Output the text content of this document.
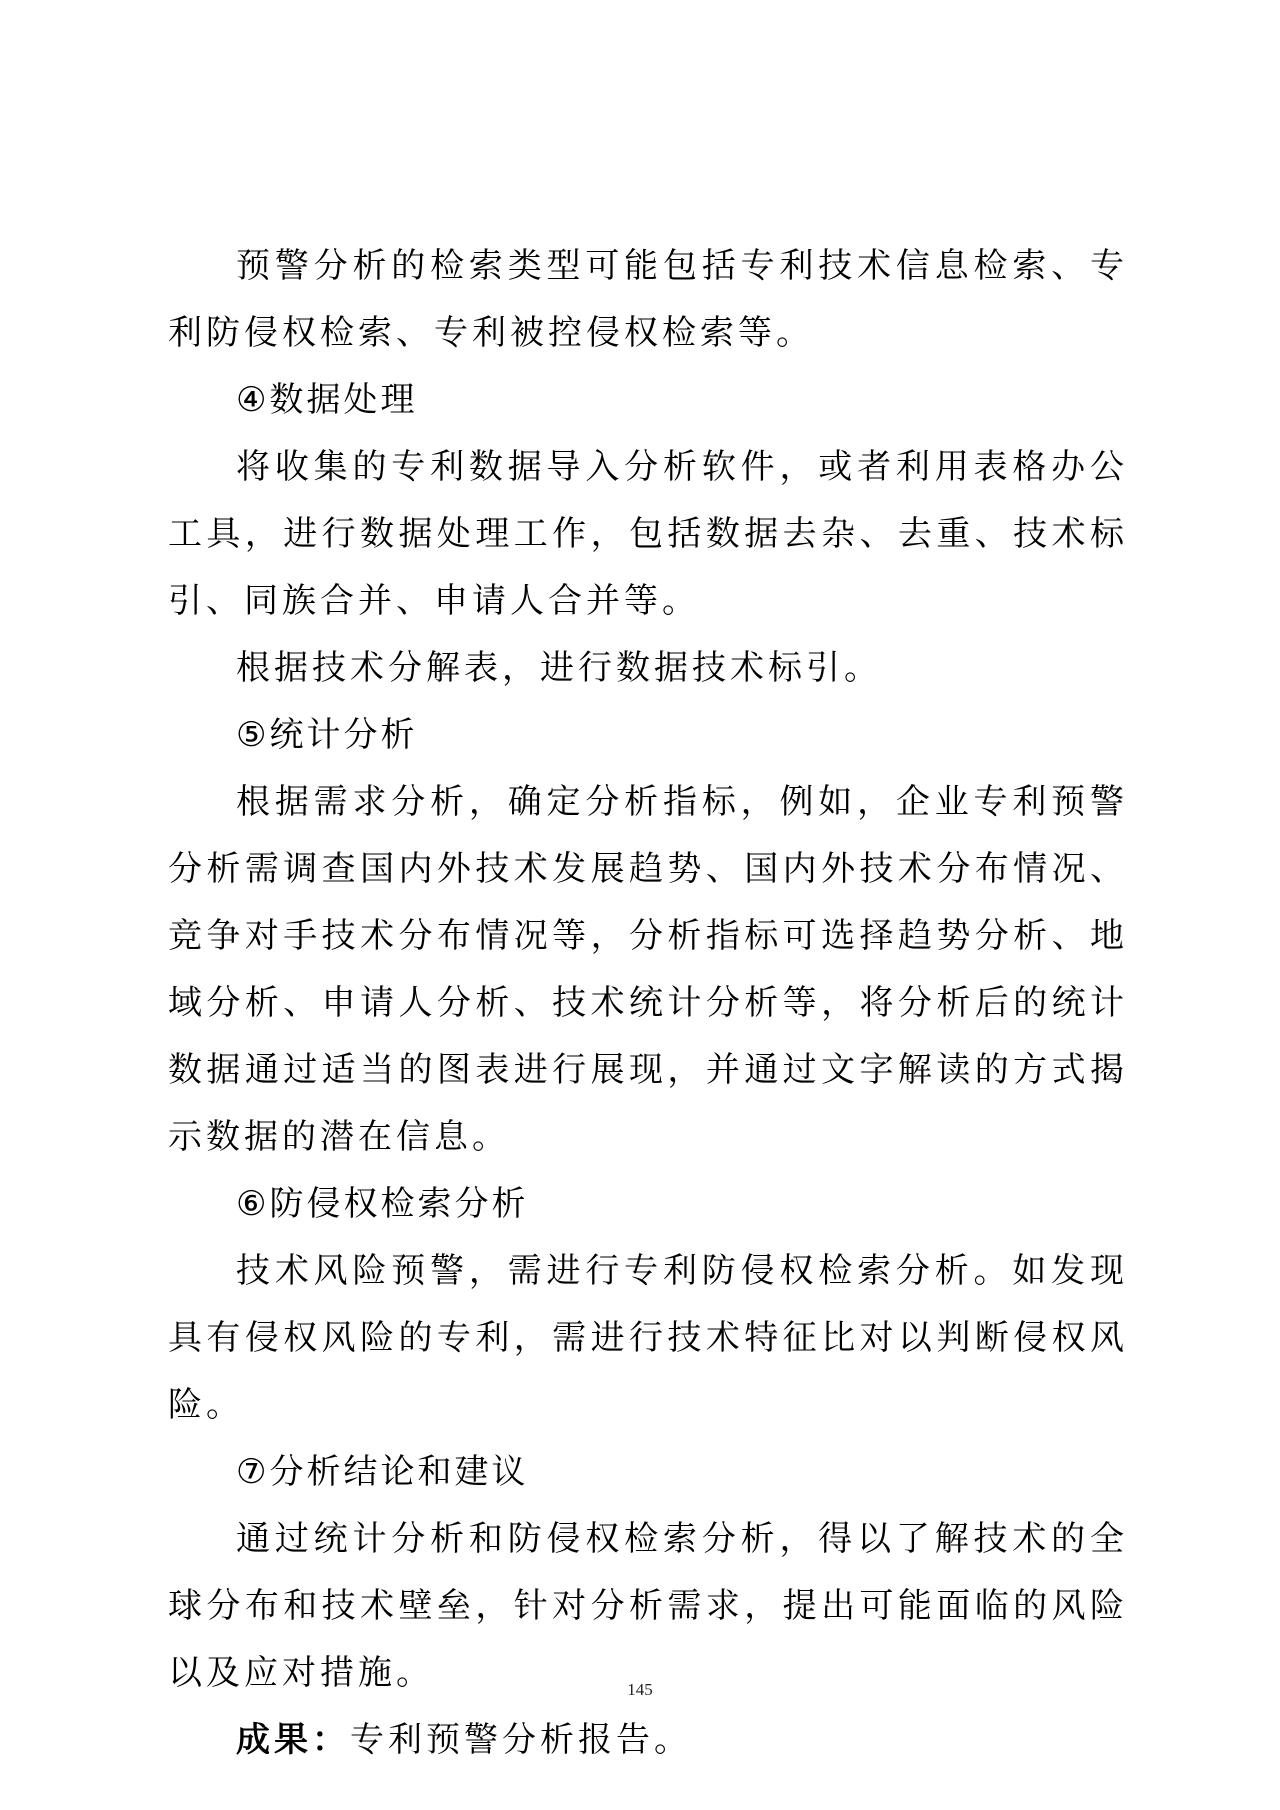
预警分析的检索类型可能包括专利技术信息检索、专利防侵权检索、专利被控侵权检索等。

④数据处理

将收集的专利数据导入分析软件，或者利用表格办公工具，进行数据处理工作，包括数据去杂、去重、技术标引、同族合并、申请人合并等。

根据技术分解表，进行数据技术标引。

⑤统计分析

根据需求分析，确定分析指标，例如，企业专利预警分析需调查国内外技术发展趋势、国内外技术分布情况、竞争对手技术分布情况等，分析指标可选择趋势分析、地域分析、申请人分析、技术统计分析等，将分析后的统计数据通过适当的图表进行展现，并通过文字解读的方式揭示数据的潜在信息。

⑥防侵权检索分析

技术风险预警，需进行专利防侵权检索分析。如发现具有侵权风险的专利，需进行技术特征比对以判断侵权风险。

⑦分析结论和建议

通过统计分析和防侵权检索分析，得以了解技术的全球分布和技术壁垒，针对分析需求，提出可能面临的风险以及应对措施。

成果：专利预警分析报告。

145
